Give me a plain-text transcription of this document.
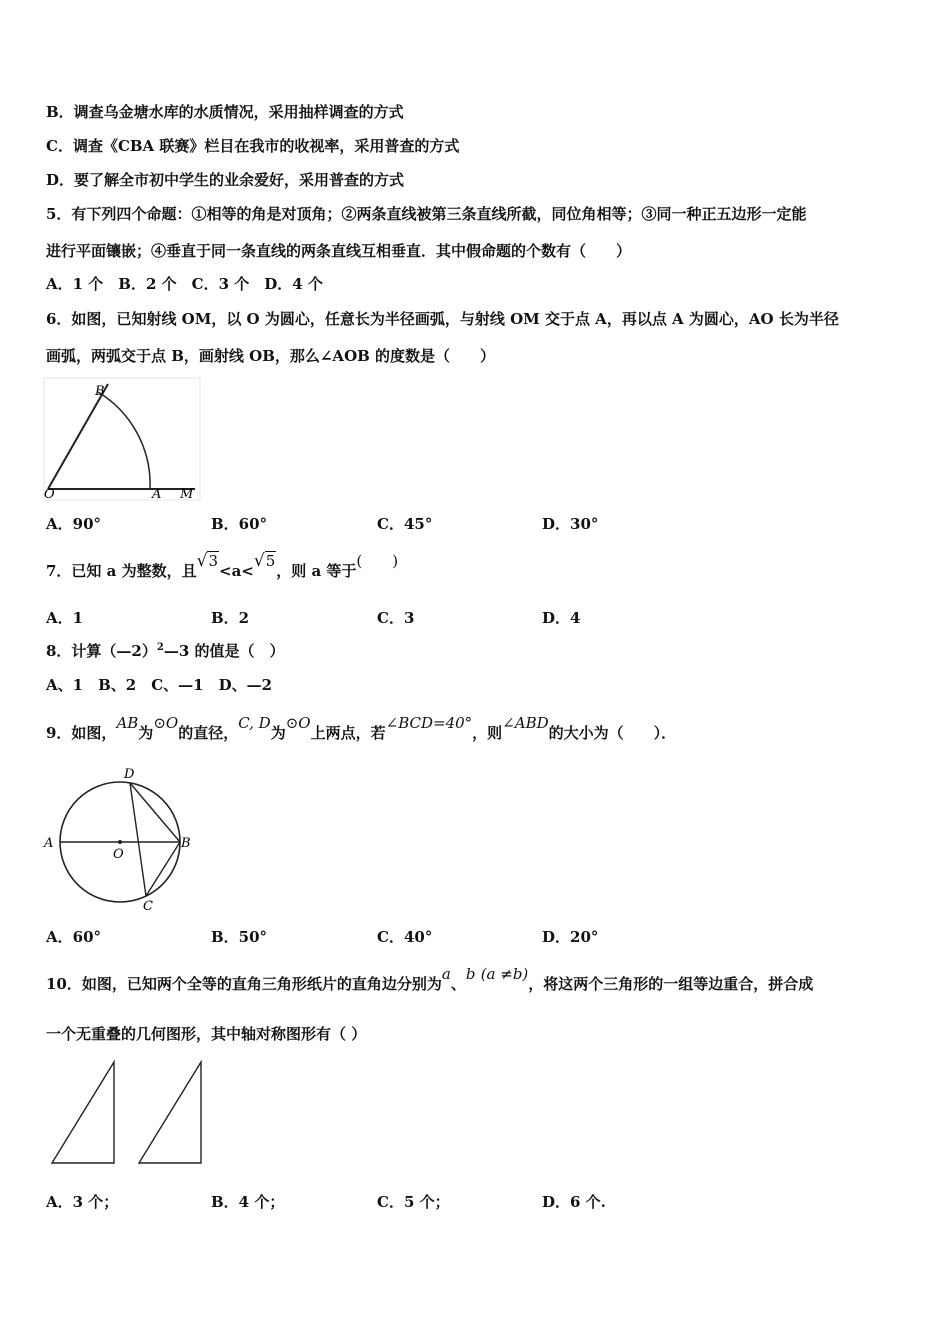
B．调查乌金塘水库的水质情况，采用抽样调查的方式
C．调查《CBA 联赛》栏目在我市的收视率，采用普查的方式
D．要了解全市初中学生的业余爱好，采用普查的方式
5．有下列四个命题：①相等的角是对顶角；②两条直线被第三条直线所截，同位角相等；③同一种正五边形一定能
进行平面镶嵌；④垂直于同一条直线的两条直线互相垂直．其中假命题的个数有（　　）
A．1 个　B．2 个　C．3 个　D．4 个
6．如图，已知射线 OM，以 O 为圆心，任意长为半径画弧，与射线 OM 交于点 A，再以点 A 为圆心，AO 长为半径
画弧，两弧交于点 B，画射线 OB，那么∠AOB 的度数是（　　）
B
O	A M
A．90°	B．60°	C．45°	D．30°
7．已知 a 为整数，且√3<a<√5，则 a 等于(　　)
A．1	B．2	C．3	D．4
8．计算（—2）$^2$—3 的值是（　）
A、1　B、2　C、—1　D、—2
9．如图，AB为⊙O的直径，C, D为⊙O上两点，若∠BCD=40°，则∠ABD的大小为（　　）．
D
A
O
B
C
A．60°	B．50°	C．40°	D．20°
10．如图，已知两个全等的直角三角形纸片的直角边分别为a、b (a ≠b)，将这两个三角形的一组等边重合，拼合成
一个无重叠的几何图形，其中轴对称图形有（ ）
A．3 个；	B．4 个；	C．5 个；	D．6 个.
